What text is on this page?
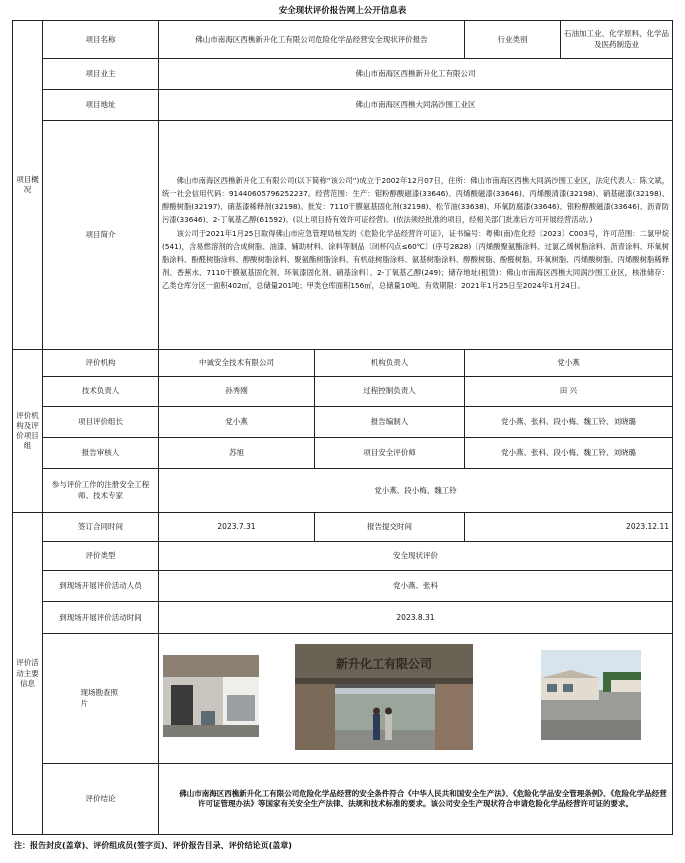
安全现状评价报告网上公开信息表
项目概况	项目名称	佛山市南海区西樵新升化工有限公司危险化学品经营安全现状评价报告		行业类别	石油加工业、化学原料、化学品及医药制造业
	项目业主	佛山市南海区西樵新升化工有限公司			
	项目地址	佛山市南海区西樵大同涡沙围工业区			
	项目简介	佛山市南海区西樵新升化工有限公司(以下简称“该公司”)成立于2002年12月07日，住所：佛山市南海区西樵大同涡沙围工业区，法定代表人：陈文斌，统一社会信用代码：91440605796252237。经营范围：生产：钼粉醇酸磁漆(33646)、丙烯酸磁漆(33646)、丙烯酸清漆(32198)、硝基磁漆(32198)、醇酸树脂(32197)、硝基漆稀释剂(32198)。批发：7110干膜氨基固化剂(32198)、松节油(33638)、环氧防腐漆(33646)、银粉醇酸磁漆(33646)、沥青防污漆(33646)、2-丁氧基乙醇(61592)。(以上项目持有效许可证经营)。(依法须经批准的项目，经相关部门批准后方可开展经营活动。)

该公司于2021年1月25日取得佛山市应急管理局核发的《危险化学品经营许可证》，证书编号：粤佛(南)危化经〔2023〕C003号，许可范围：二氯甲烷(541)，含易燃溶剂的合成树脂、油漆、辅助材料、涂料等制品〔闭杯闪点≤60℃〕(序号2828)〔丙烯酸聚氨酯涂料、过氯乙烯树脂涂料、沥青涂料、环氧树脂涂料、酚醛树脂涂料、醇酸树脂涂料、聚氨酯树脂涂料、有机硅树脂涂料、氨基树脂涂料、醇酸树脂、酚醛树脂、环氧树脂、丙烯酸树脂、丙烯酸树脂稀释剂、香蕉水、7110干膜氨基固化剂、环氧漆固化剂、硝基涂料〕、2-丁氧基乙醇(249)；储存地址(租赁)：佛山市南海区西樵大同涡沙围工业区，核准储存：乙类仓库分区一面积402㎡，总储量201吨；甲类仓库面积156㎡，总储量10吨。有效期限：2021年1月25日至2024年1月24日。			

评价机构及评价项目组	评价机构	中诚安全技术有限公司	机构负责人	党小燕	
	技术负责人	孙秀刚	过程控制负责人	田 兴	
	项目评价组长	党小燕	报告编制人	党小燕、张科、段小梅、魏工铃、刘晓璐	
	报告审核人	苏旭	项目安全评价师	党小燕、张科、段小梅、魏工铃、刘晓璐	
	参与评价工作的注册安全工程师、技术专家	党小燕、段小梅、魏工铃			
评价活动主要信息	签订合同时间	2023.7.31	报告提交时间	2023.12.11	
	评价类型	安全现状评价			
	到现场开展评价活动人员	党小燕、张科			
	到现场开展评价活动时间	2023.8.31			
	现场勘查照片	新升化工有限公司			

	评价结论	佛山市南海区西樵新升化工有限公司危险化学品经营的安全条件符合《中华人民共和国安全生产法》、《危险化学品安全管理条例》、《危险化学品经营许可证管理办法》等国家有关安全生产法律、法规和技术标准的要求。该公司安全生产现状符合申请危险化学品经营许可证的要求。			
注：报告封皮(盖章)、评价组成员(签字页)、评价报告目录、评价结论页(盖章)
